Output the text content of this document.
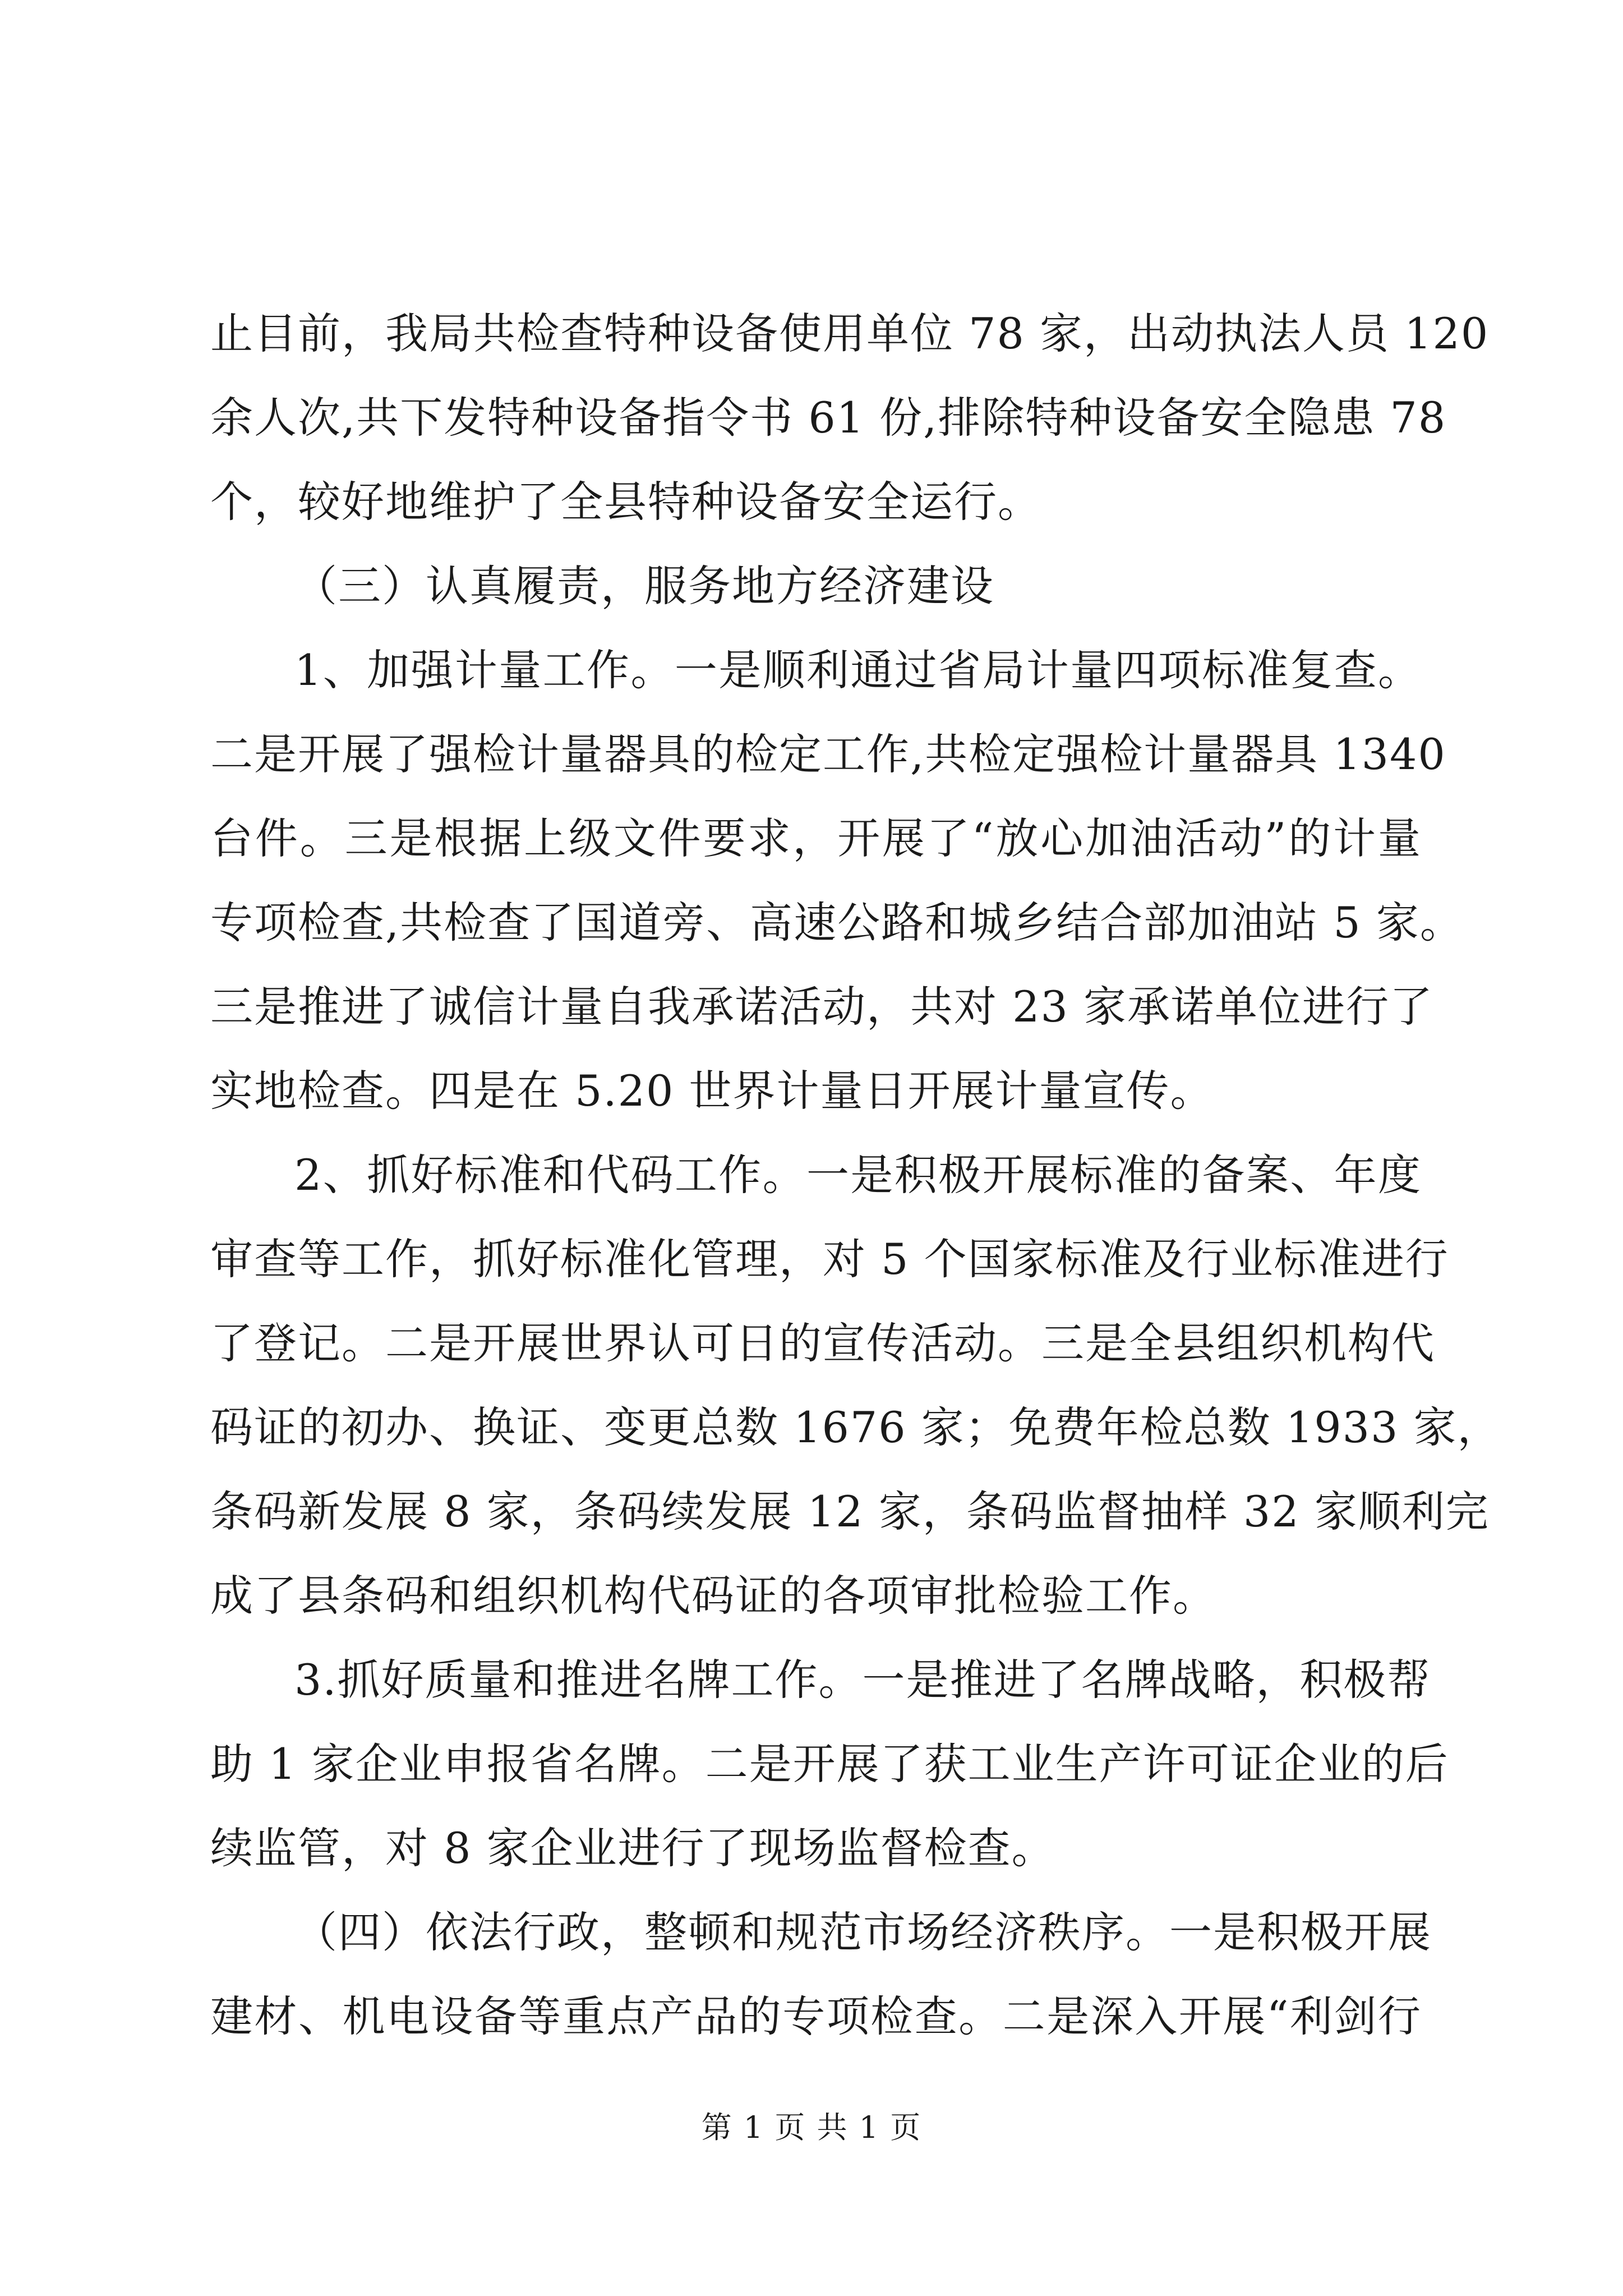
止目前，我局共检查特种设备使用单位 78 家，出动执法人员 120
余人次,共下发特种设备指令书 61 份,排除特种设备安全隐患 78
个，较好地维护了全县特种设备安全运行。
（三）认真履责，服务地方经济建设
1、加强计量工作。一是顺利通过省局计量四项标准复查。
二是开展了强检计量器具的检定工作,共检定强检计量器具 1340
台件。三是根据上级文件要求，开展了“放心加油活动”的计量
专项检查,共检查了国道旁、高速公路和城乡结合部加油站 5 家。
三是推进了诚信计量自我承诺活动，共对 23 家承诺单位进行了
实地检查。四是在 5.20 世界计量日开展计量宣传。
2、抓好标准和代码工作。一是积极开展标准的备案、年度
审查等工作，抓好标准化管理，对 5 个国家标准及行业标准进行
了登记。二是开展世界认可日的宣传活动。三是全县组织机构代
码证的初办、换证、变更总数 1676 家；免费年检总数 1933 家，
条码新发展 8 家，条码续发展 12 家，条码监督抽样 32 家顺利完
成了县条码和组织机构代码证的各项审批检验工作。
3.抓好质量和推进名牌工作。一是推进了名牌战略，积极帮
助 1 家企业申报省名牌。二是开展了获工业生产许可证企业的后
续监管，对 8 家企业进行了现场监督检查。
（四）依法行政，整顿和规范市场经济秩序。一是积极开展
建材、机电设备等重点产品的专项检查。二是深入开展“利剑行
第 1 页 共 1 页
